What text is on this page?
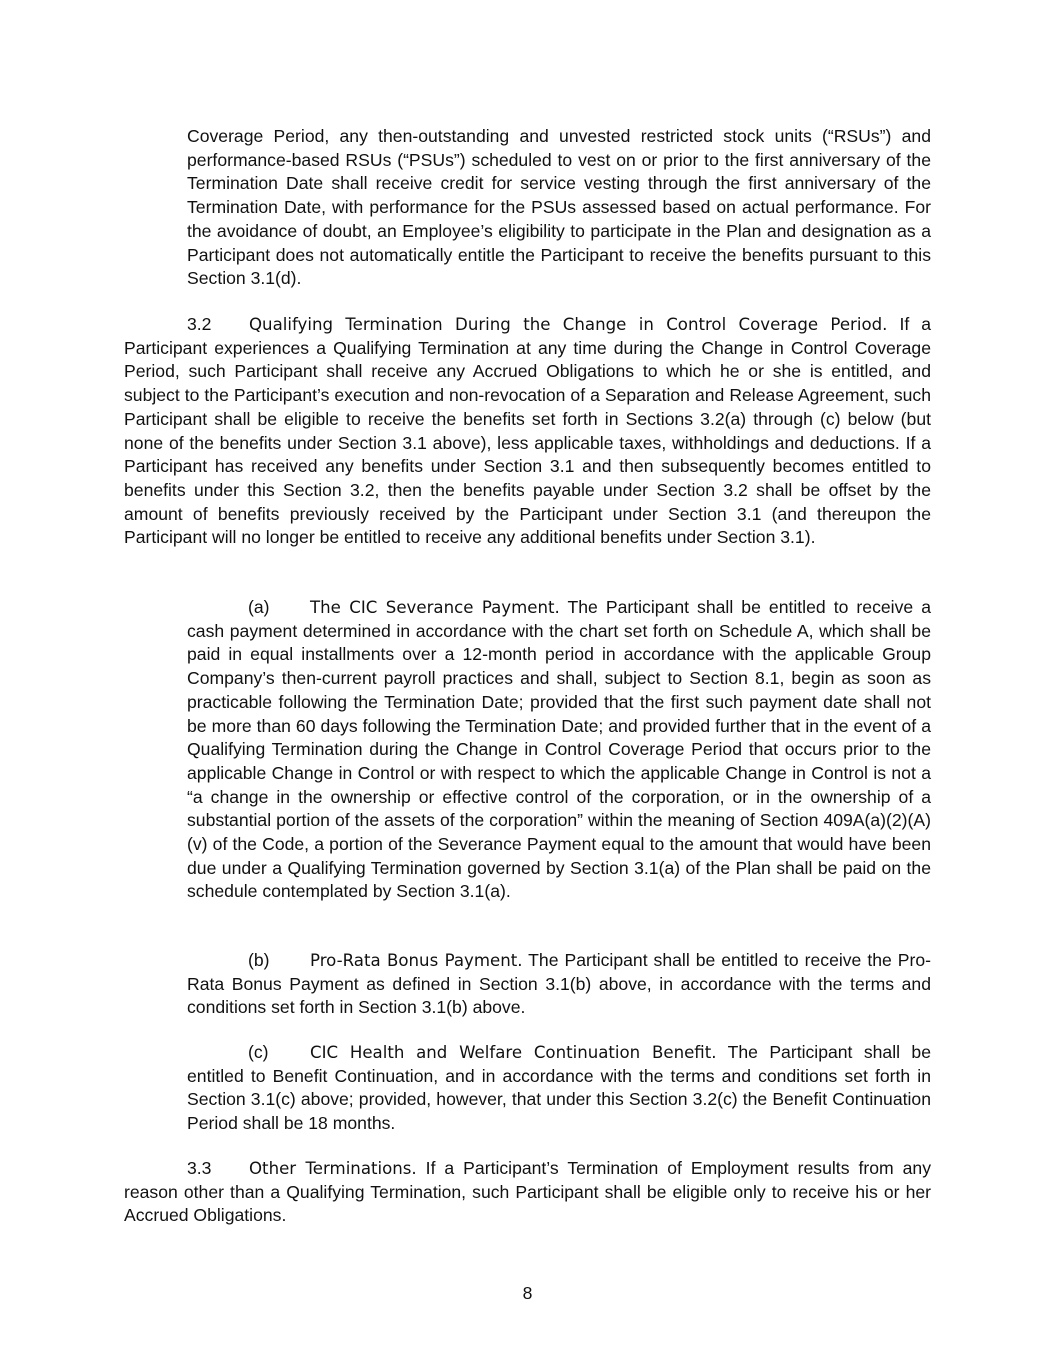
Coverage Period, any then-outstanding and unvested restricted stock units (“RSUs”) and performance-based RSUs (“PSUs”) scheduled to vest on or prior to the first anniversary of the Termination Date shall receive credit for service vesting through the first anniversary of the Termination Date, with performance for the PSUs assessed based on actual performance. For the avoidance of doubt, an Employee’s eligibility to participate in the Plan and designation as a Participant does not automatically entitle the Participant to receive the benefits pursuant to this Section 3.1(d).

3.2 Qualifying Termination During the Change in Control Coverage Period. If a Participant experiences a Qualifying Termination at any time during the Change in Control Coverage Period, such Participant shall receive any Accrued Obligations to which he or she is entitled, and subject to the Participant’s execution and non-revocation of a Separation and Release Agreement, such Participant shall be eligible to receive the benefits set forth in Sections 3.2(a) through (c) below (but none of the benefits under Section 3.1 above), less applicable taxes, withholdings and deductions. If a Participant has received any benefits under Section 3.1 and then subsequently becomes entitled to benefits under this Section 3.2, then the benefits payable under Section 3.2 shall be offset by the amount of benefits previously received by the Participant under Section 3.1 (and thereupon the Participant will no longer be entitled to receive any additional benefits under Section 3.1).

(a) The CIC Severance Payment. The Participant shall be entitled to receive a cash payment determined in accordance with the chart set forth on Schedule A, which shall be paid in equal installments over a 12-month period in accordance with the applicable Group Company’s then-current payroll practices and shall, subject to Section 8.1, begin as soon as practicable following the Termination Date; provided that the first such payment date shall not be more than 60 days following the Termination Date; and provided further that in the event of a Qualifying Termination during the Change in Control Coverage Period that occurs prior to the applicable Change in Control or with respect to which the applicable Change in Control is not a “a change in the ownership or effective control of the corporation, or in the ownership of a substantial portion of the assets of the corporation” within the meaning of Section 409A(a)(2)(A)(v) of the Code, a portion of the Severance Payment equal to the amount that would have been due under a Qualifying Termination governed by Section 3.1(a) of the Plan shall be paid on the schedule contemplated by Section 3.1(a).

(b) Pro-Rata Bonus Payment. The Participant shall be entitled to receive the Pro-Rata Bonus Payment as defined in Section 3.1(b) above, in accordance with the terms and conditions set forth in Section 3.1(b) above.

(c) CIC Health and Welfare Continuation Benefit. The Participant shall be entitled to Benefit Continuation, and in accordance with the terms and conditions set forth in Section 3.1(c) above; provided, however, that under this Section 3.2(c) the Benefit Continuation Period shall be 18 months.

3.3 Other Terminations. If a Participant’s Termination of Employment results from any reason other than a Qualifying Termination, such Participant shall be eligible only to receive his or her Accrued Obligations.

8
